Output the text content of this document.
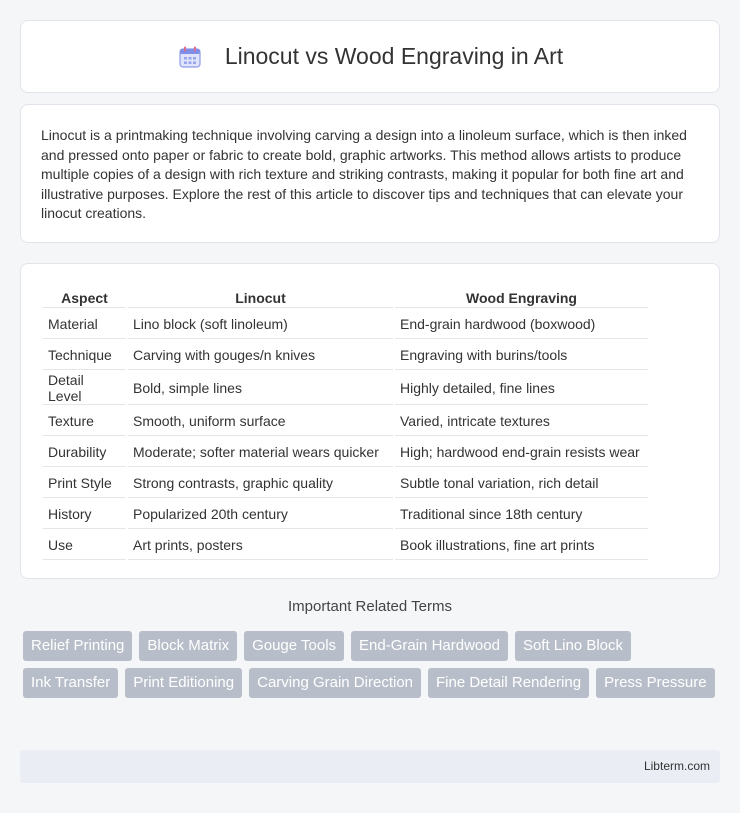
Linocut vs Wood Engraving in Art

Linocut is a printmaking technique involving carving a design into a linoleum surface, which is then inked and pressed onto paper or fabric to create bold, graphic artworks. This method allows artists to produce multiple copies of a design with rich texture and striking contrasts, making it popular for both fine art and illustrative purposes. Explore the rest of this article to discover tips and techniques that can elevate your linocut creations.

Aspect	Linocut	Wood Engraving
Material	Lino block (soft linoleum)	End-grain hardwood (boxwood)
Technique	Carving with gouges/n knives	Engraving with burins/tools
Detail Level	Bold, simple lines	Highly detailed, fine lines
Texture	Smooth, uniform surface	Varied, intricate textures
Durability	Moderate; softer material wears quicker	High; hardwood end-grain resists wear
Print Style	Strong contrasts, graphic quality	Subtle tonal variation, rich detail
History	Popularized 20th century	Traditional since 18th century
Use	Art prints, posters	Book illustrations, fine art prints
Important Related Terms
Relief Printing	Block Matrix	Gouge Tools	End-Grain Hardwood	Soft Lino Block
Ink Transfer	Print Editioning	Carving Grain Direction	Fine Detail Rendering	Press Pressure
Libterm.com
